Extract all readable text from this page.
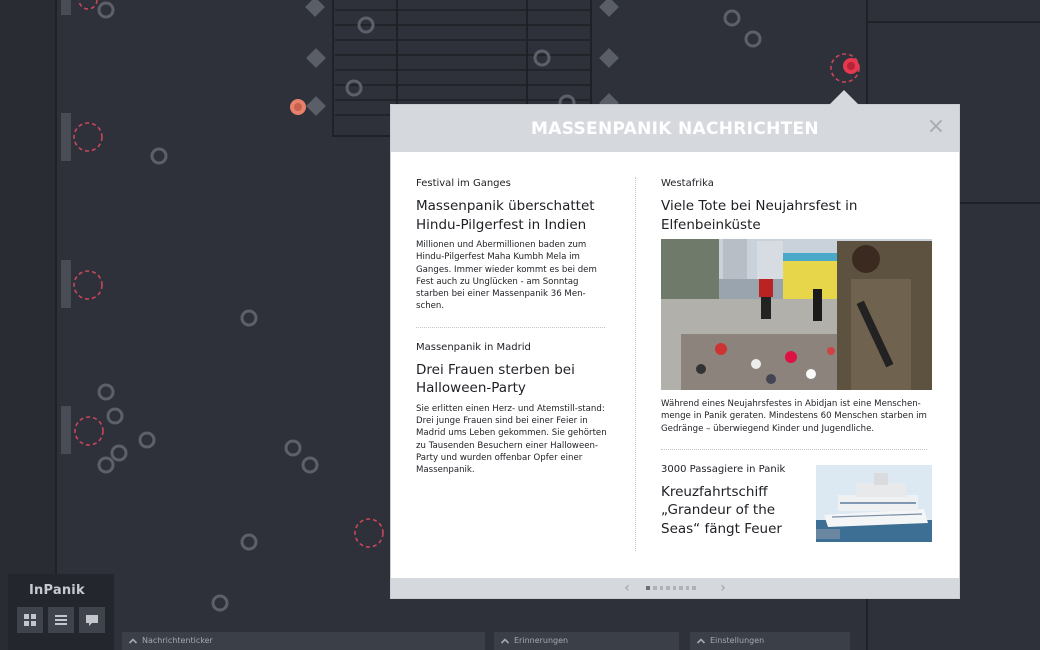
MASSENPANIK NACHRICHTEN	×

Festival im Ganges

Massenpanik überschattet Hindu-Pilgerfest in Indien

Millionen und Abermillionen baden zum Hindu-Pilgerfest Maha Kumbh Mela im Ganges. Immer wieder kommt es bei dem Fest auch zu Unglücken - am Sonntag starben bei einer Massenpanik 36 Men-schen.

Massenpanik in Madrid

Drei Frauen sterben bei Halloween-Party

Sie erlitten einen Herz- und Atemstill-stand: Drei junge Frauen sind bei einer Feier in Madrid ums Leben gekommen. Sie gehörten zu Tausenden Besuchern einer Halloween-Party und wurden offenbar Opfer einer Massenpanik.

Westafrika

Viele Tote bei Neujahrsfest in Elfenbeinküste

Während eines Neujahrsfestes in Abidjan ist eine Menschen-menge in Panik geraten. Mindestens 60 Menschen starben im Gedränge – überwiegend Kinder und Jugendliche.

3000 Passagiere in Panik

Kreuzfahrtschiff „Grandeur of the Seas“ fängt Feuer

‹	›
InPanik
Nachrichtenticker	Erinnerungen	Einstellungen
